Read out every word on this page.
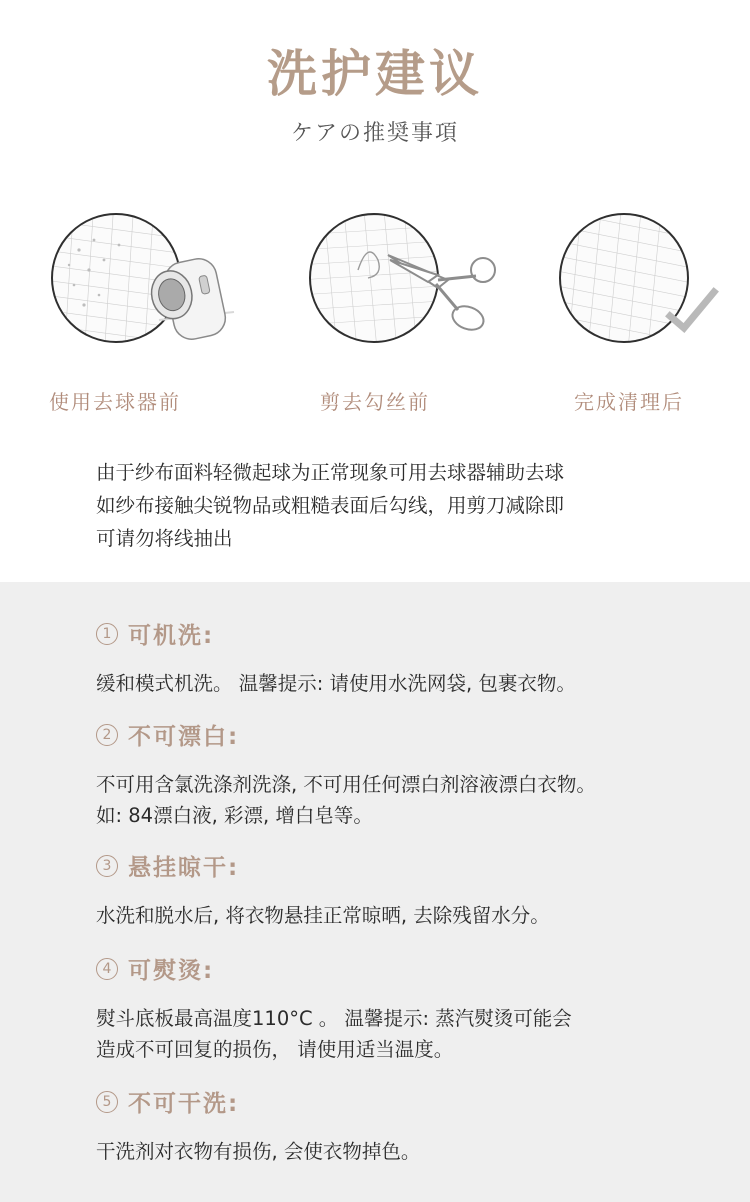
洗护建议
ケアの推奨事項
使用去球器前	剪去勾丝前	完成清理后
由于纱布面料轻微起球为正常现象可用去球器辅助去球
如纱布接触尖锐物品或粗糙表面后勾线，用剪刀减除即
可请勿将线抽出
1 可机洗:
缓和模式机洗。 温馨提示: 请使用水洗网袋, 包裹衣物。
2 不可漂白:
不可用含氯洗涤剂洗涤, 不可用任何漂白剂溶液漂白衣物。
如: 84漂白液, 彩漂, 增白皂等。
3 悬挂晾干:
水洗和脱水后, 将衣物悬挂正常晾晒, 去除残留水分。
4 可熨烫:
熨斗底板最高温度110°C 。 温馨提示: 蒸汽熨烫可能会
造成不可回复的损伤， 请使用适当温度。
5 不可干洗:
干洗剂对衣物有损伤, 会使衣物掉色。
